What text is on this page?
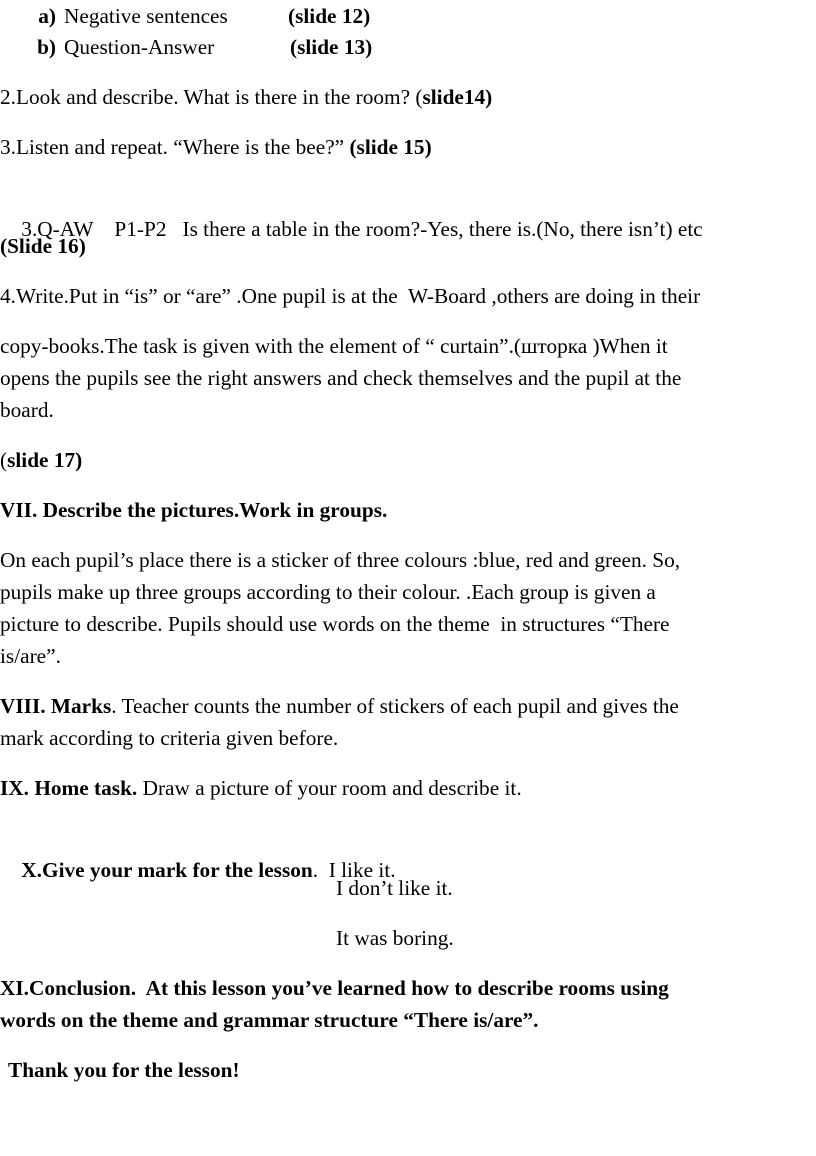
a) Negative sentences	(slide 12)
b) Question-Answer	(slide 13)
2.Look and describe. What is there in the room? (slide14)
3.Listen and repeat. “Where is the bee?” (slide 15)

3.Q-AW    P1-P2   Is there a table in the room?-Yes, there is.(No, there isn’t) etc

(Slide 16)
4.Write.Put in “is” or “are” .One pupil is at the  W-Board ,others are doing in their
copy-books.The task is given with the element of “ curtain”.(шторка )When it
opens the pupils see the right answers and check themselves and the pupil at the
board.
(slide 17)
VII. Describe the pictures.Work in groups.
On each pupil’s place there is a sticker of three colours :blue, red and green. So,
pupils make up three groups according to their colour. .Each group is given a
picture to describe. Pupils should use words on the theme  in structures “There
is/are”.
VIII. Marks. Teacher counts the number of stickers of each pupil and gives the
mark according to criteria given before.
IX. Home task. Draw a picture of your room and describe it.

X.Give your mark for the lesson.  I like it.

I don’t like it.
It was boring.
XI.Conclusion.  At this lesson you’ve learned how to describe rooms using
words on the theme and grammar structure “There is/are”.
Thank you for the lesson!
